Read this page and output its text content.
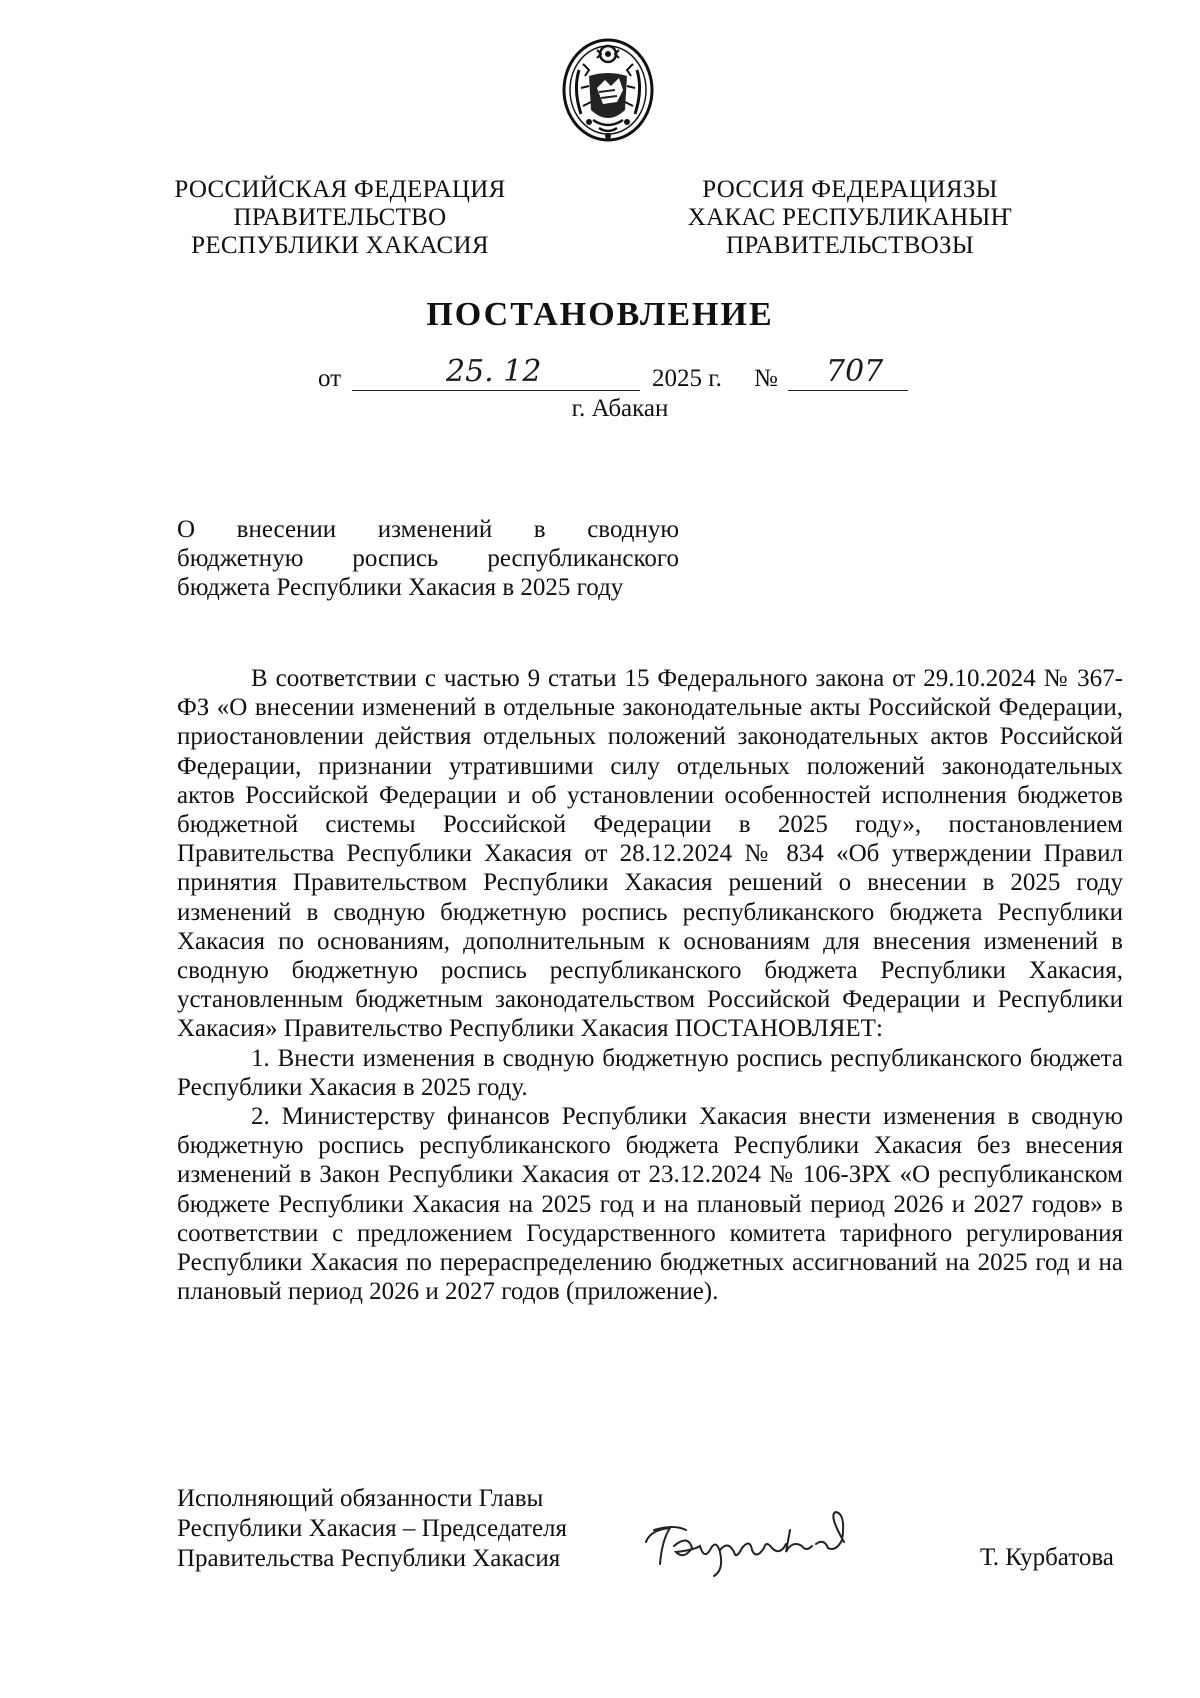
РОССИЙСКАЯ ФЕДЕРАЦИЯ
ПРАВИТЕЛЬСТВО
РЕСПУБЛИКИ ХАКАСИЯ
РОССИЯ ФЕДЕРАЦИЯЗЫ
ХАКАС РЕСПУБЛИКАНЫҤ
ПРАВИТЕЛЬСТВОЗЫ
ПОСТАНОВЛЕНИЕ
от	25. 12	2025 г. № 707
г. Абакан
О внесении изменений в сводную
бюджетную роспись республиканского
бюджета Республики Хакасия в 2025 году

В соответствии с частью 9 статьи 15 Федерального закона от 29.10.2024 № 367-ФЗ «О внесении изменений в отдельные законодательные акты Российской Федерации, приостановлении действия отдельных положений законодательных актов Российской Федерации, признании утратившими силу отдельных положений законодательных актов Российской Федерации и об установлении особенностей исполнения бюджетов бюджетной системы Российской Федерации в 2025 году», постановлением Правительства Республики Хакасия от 28.12.2024 № 834 «Об утверждении Правил принятия Правительством Республики Хакасия решений о внесении в 2025 году изменений в сводную бюджетную роспись республиканского бюджета Республики Хакасия по основаниям, дополнительным к основаниям для внесения изменений в сводную бюджетную роспись республиканского бюджета Республики Хакасия, установленным бюджетным законодательством Российской Федерации и Республики Хакасия» Правительство Республики Хакасия ПОСТАНОВЛЯЕТ:

1. Внести изменения в сводную бюджетную роспись республиканского бюджета Республики Хакасия в 2025 году.

2. Министерству финансов Республики Хакасия внести изменения в сводную бюджетную роспись республиканского бюджета Республики Хакасия без внесения изменений в Закон Республики Хакасия от 23.12.2024 № 106-ЗРХ «О республиканском бюджете Республики Хакасия на 2025 год и на плановый период 2026 и 2027 годов» в соответствии с предложением Государственного комитета тарифного регулирования Республики Хакасия по перераспределению бюджетных ассигнований на 2025 год и на плановый период 2026 и 2027 годов (приложение).

Исполняющий обязанности Главы
Республики Хакасия – Председателя
Правительства Республики Хакасия	Т. Курбатова
